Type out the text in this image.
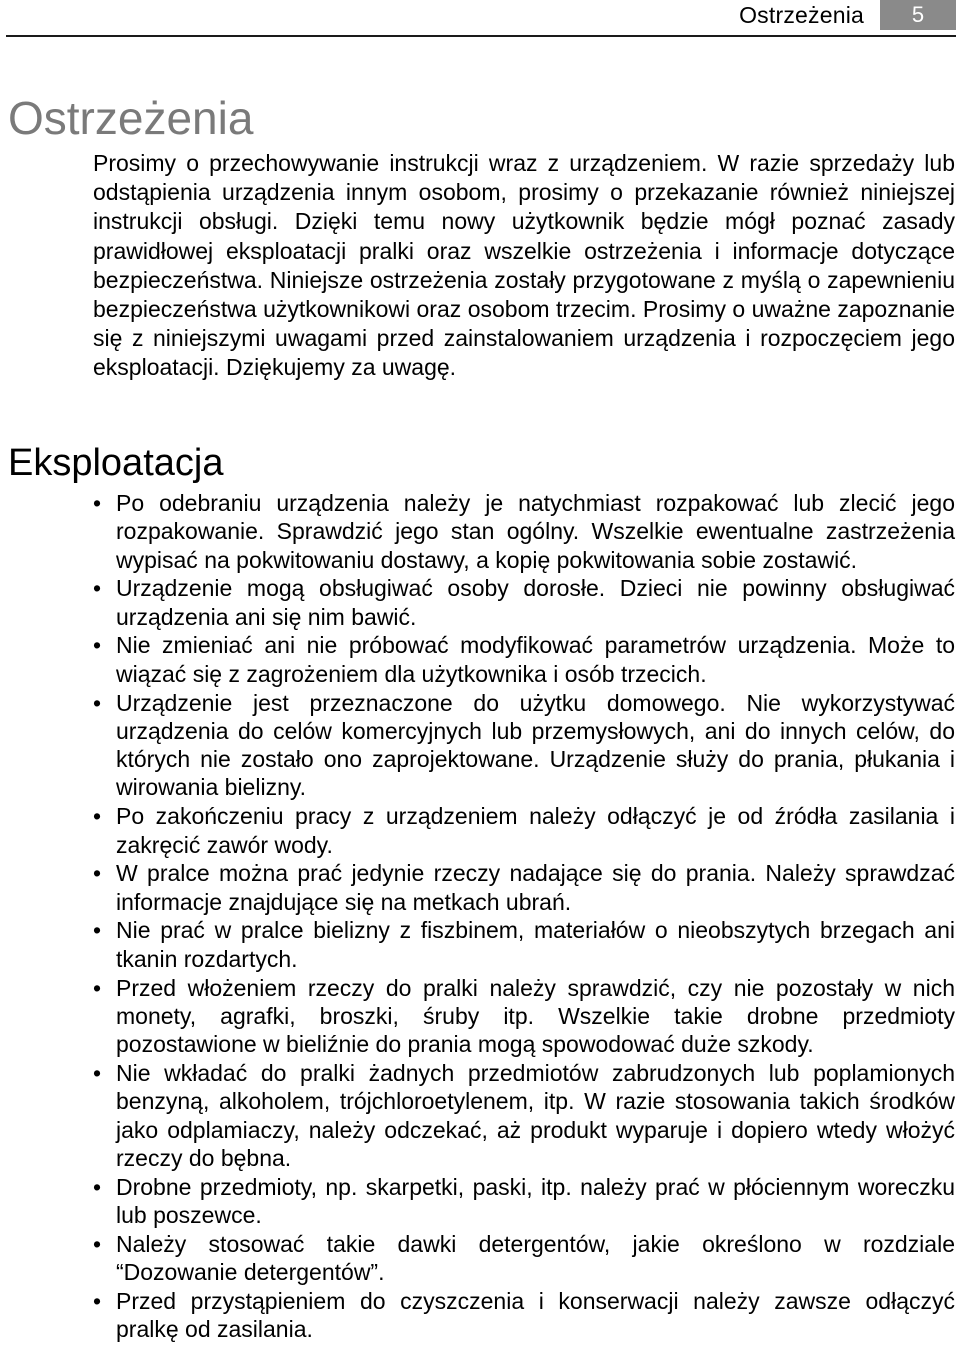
Ostrzeżenia	5
Ostrzeżenia

Prosimy o przechowywanie instrukcji wraz z urządzeniem. W razie sprzedaży lub odstąpienia urządzenia innym osobom, prosimy o przekazanie również niniejszej instrukcji obsługi. Dzięki temu nowy użytkownik będzie mógł poznać zasady prawidłowej eksploatacji pralki oraz wszelkie ostrzeżenia i informacje dotyczące bezpieczeństwa. Niniejsze ostrzeżenia zostały przygotowane z myślą o zapewnieniu bezpieczeństwa użytkownikowi oraz osobom trzecim. Prosimy o uważne zapoznanie się z niniejszymi uwagami przed zainstalowaniem urządzenia i rozpoczęciem jego eksploatacji. Dziękujemy za uwagę.

Eksploatacja
• Po odebraniu urządzenia należy je natychmiast rozpakować lub zlecić jego rozpakowanie. Sprawdzić jego stan ogólny. Wszelkie ewentualne zastrzeżenia wypisać na pokwitowaniu dostawy, a kopię pokwitowania sobie zostawić.
• Urządzenie mogą obsługiwać osoby dorosłe. Dzieci nie powinny obsługiwać urządzenia ani się nim bawić.
• Nie zmieniać ani nie próbować modyfikować parametrów urządzenia. Może to wiązać się z zagrożeniem dla użytkownika i osób trzecich.
• Urządzenie jest przeznaczone do użytku domowego. Nie wykorzystywać urządzenia do celów komercyjnych lub przemysłowych, ani do innych celów, do których nie zostało ono zaprojektowane. Urządzenie służy do prania, płukania i wirowania bielizny.
• Po zakończeniu pracy z urządzeniem należy odłączyć je od źródła zasilania i zakręcić zawór wody.
• W pralce można prać jedynie rzeczy nadające się do prania. Należy sprawdzać informacje znajdujące się na metkach ubrań.
• Nie prać w pralce bielizny z fiszbinem, materiałów o nieobszytych brzegach ani tkanin rozdartych.
• Przed włożeniem rzeczy do pralki należy sprawdzić, czy nie pozostały w nich monety, agrafki, broszki, śruby itp. Wszelkie takie drobne przedmioty pozostawione w bieliźnie do prania mogą spowodować duże szkody.
• Nie wkładać do pralki żadnych przedmiotów zabrudzonych lub poplamionych benzyną, alkoholem, trójchloroetylenem, itp. W razie stosowania takich środków jako odplamiaczy, należy odczekać, aż produkt wyparuje i dopiero wtedy włożyć rzeczy do bębna.
• Drobne przedmioty, np. skarpetki, paski, itp. należy prać w płóciennym woreczku lub poszewce.
• Należy stosować takie dawki detergentów, jakie określono w rozdziale “Dozowanie detergentów”.
• Przed przystąpieniem do czyszczenia i konserwacji należy zawsze odłączyć pralkę od zasilania.
